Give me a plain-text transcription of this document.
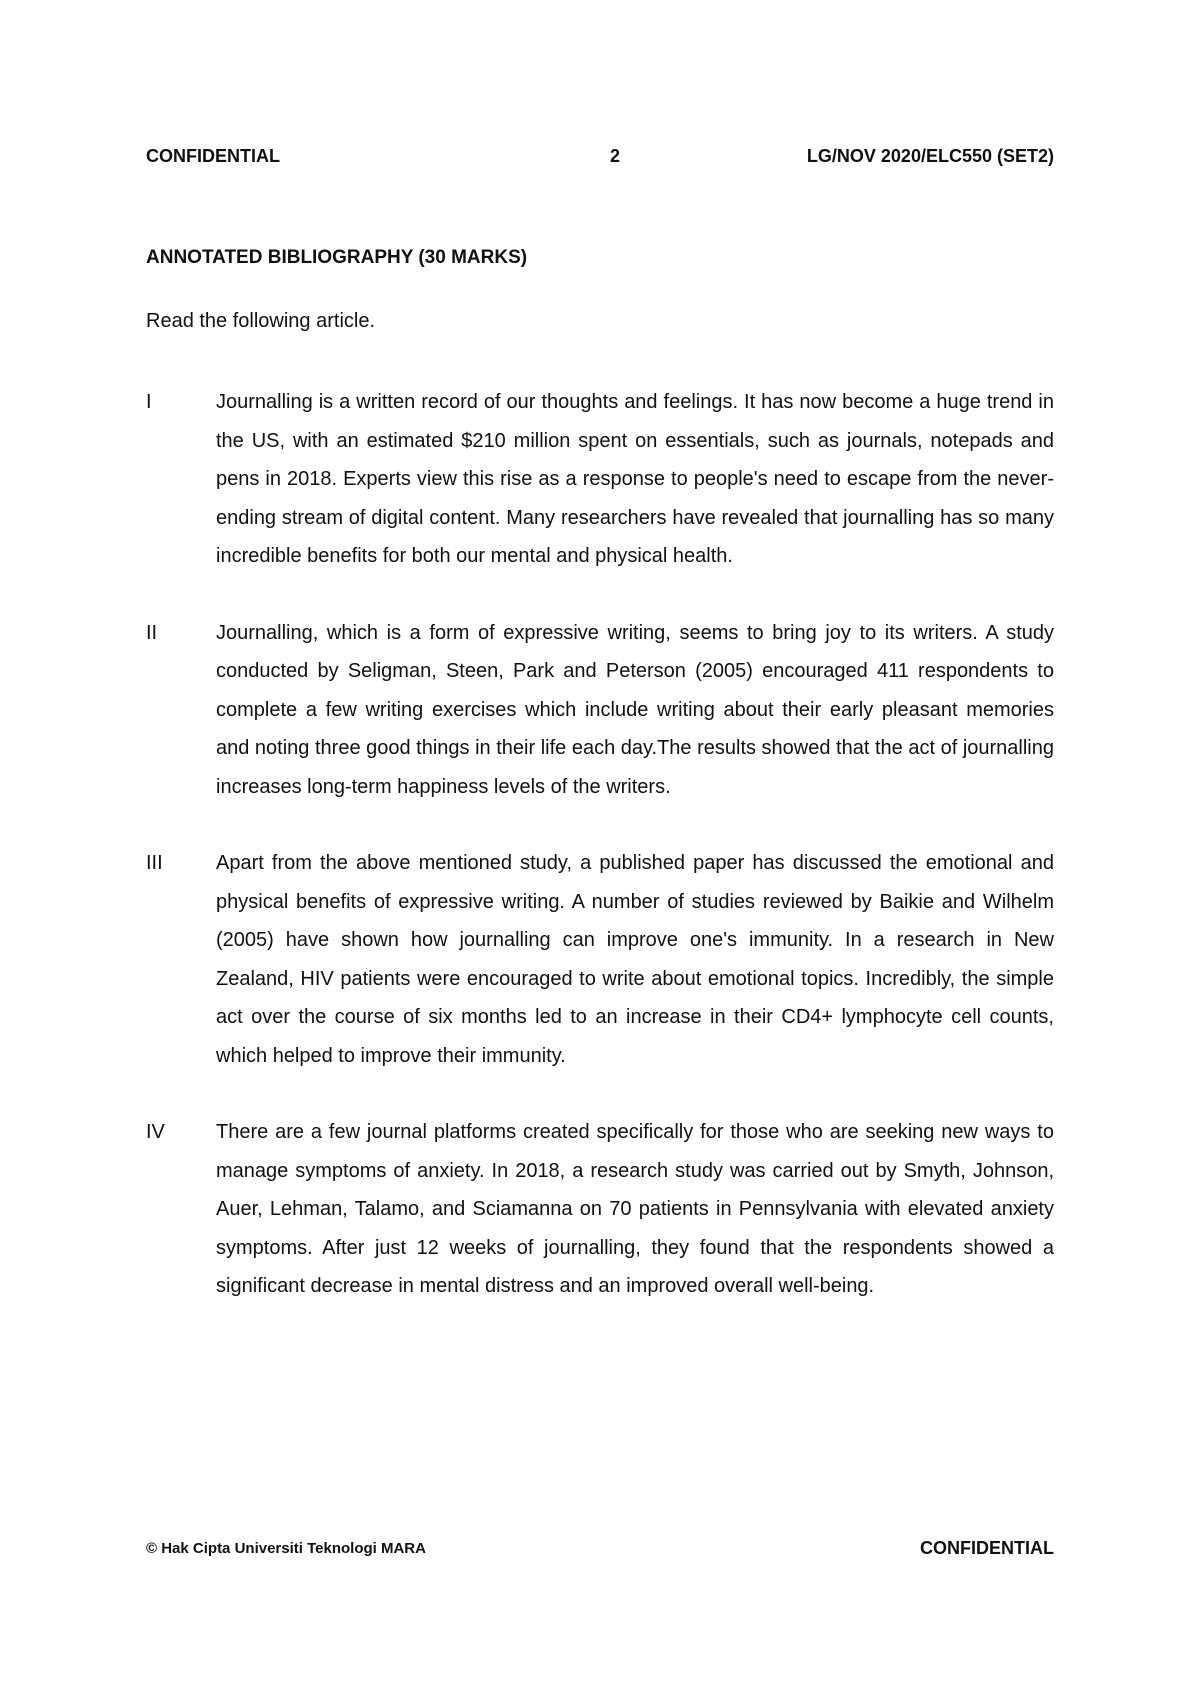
CONFIDENTIAL	2	LG/NOV 2020/ELC550 (SET2)
ANNOTATED BIBLIOGRAPHY (30 MARKS)
Read the following article.
I	Journalling is a written record of our thoughts and feelings. It has now become a huge trend in the US, with an estimated $210 million spent on essentials, such as journals, notepads and pens in 2018. Experts view this rise as a response to people's need to escape from the never-ending stream of digital content. Many researchers have revealed that journalling has so many incredible benefits for both our mental and physical health.
II	Journalling, which is a form of expressive writing, seems to bring joy to its writers. A study conducted by Seligman, Steen, Park and Peterson (2005) encouraged 411 respondents to complete a few writing exercises which include writing about their early pleasant memories and noting three good things in their life each day.The results showed that the act of journalling increases long-term happiness levels of the writers.
III	Apart from the above mentioned study, a published paper has discussed the emotional and physical benefits of expressive writing. A number of studies reviewed by Baikie and Wilhelm (2005) have shown how journalling can improve one's immunity. In a research in New Zealand, HIV patients were encouraged to write about emotional topics. Incredibly, the simple act over the course of six months led to an increase in their CD4+ lymphocyte cell counts, which helped to improve their immunity.
IV	There are a few journal platforms created specifically for those who are seeking new ways to manage symptoms of anxiety. In 2018, a research study was carried out by Smyth, Johnson, Auer, Lehman, Talamo, and Sciamanna on 70 patients in Pennsylvania with elevated anxiety symptoms. After just 12 weeks of journalling, they found that the respondents showed a significant decrease in mental distress and an improved overall well-being.
© Hak Cipta Universiti Teknologi MARA	CONFIDENTIAL
